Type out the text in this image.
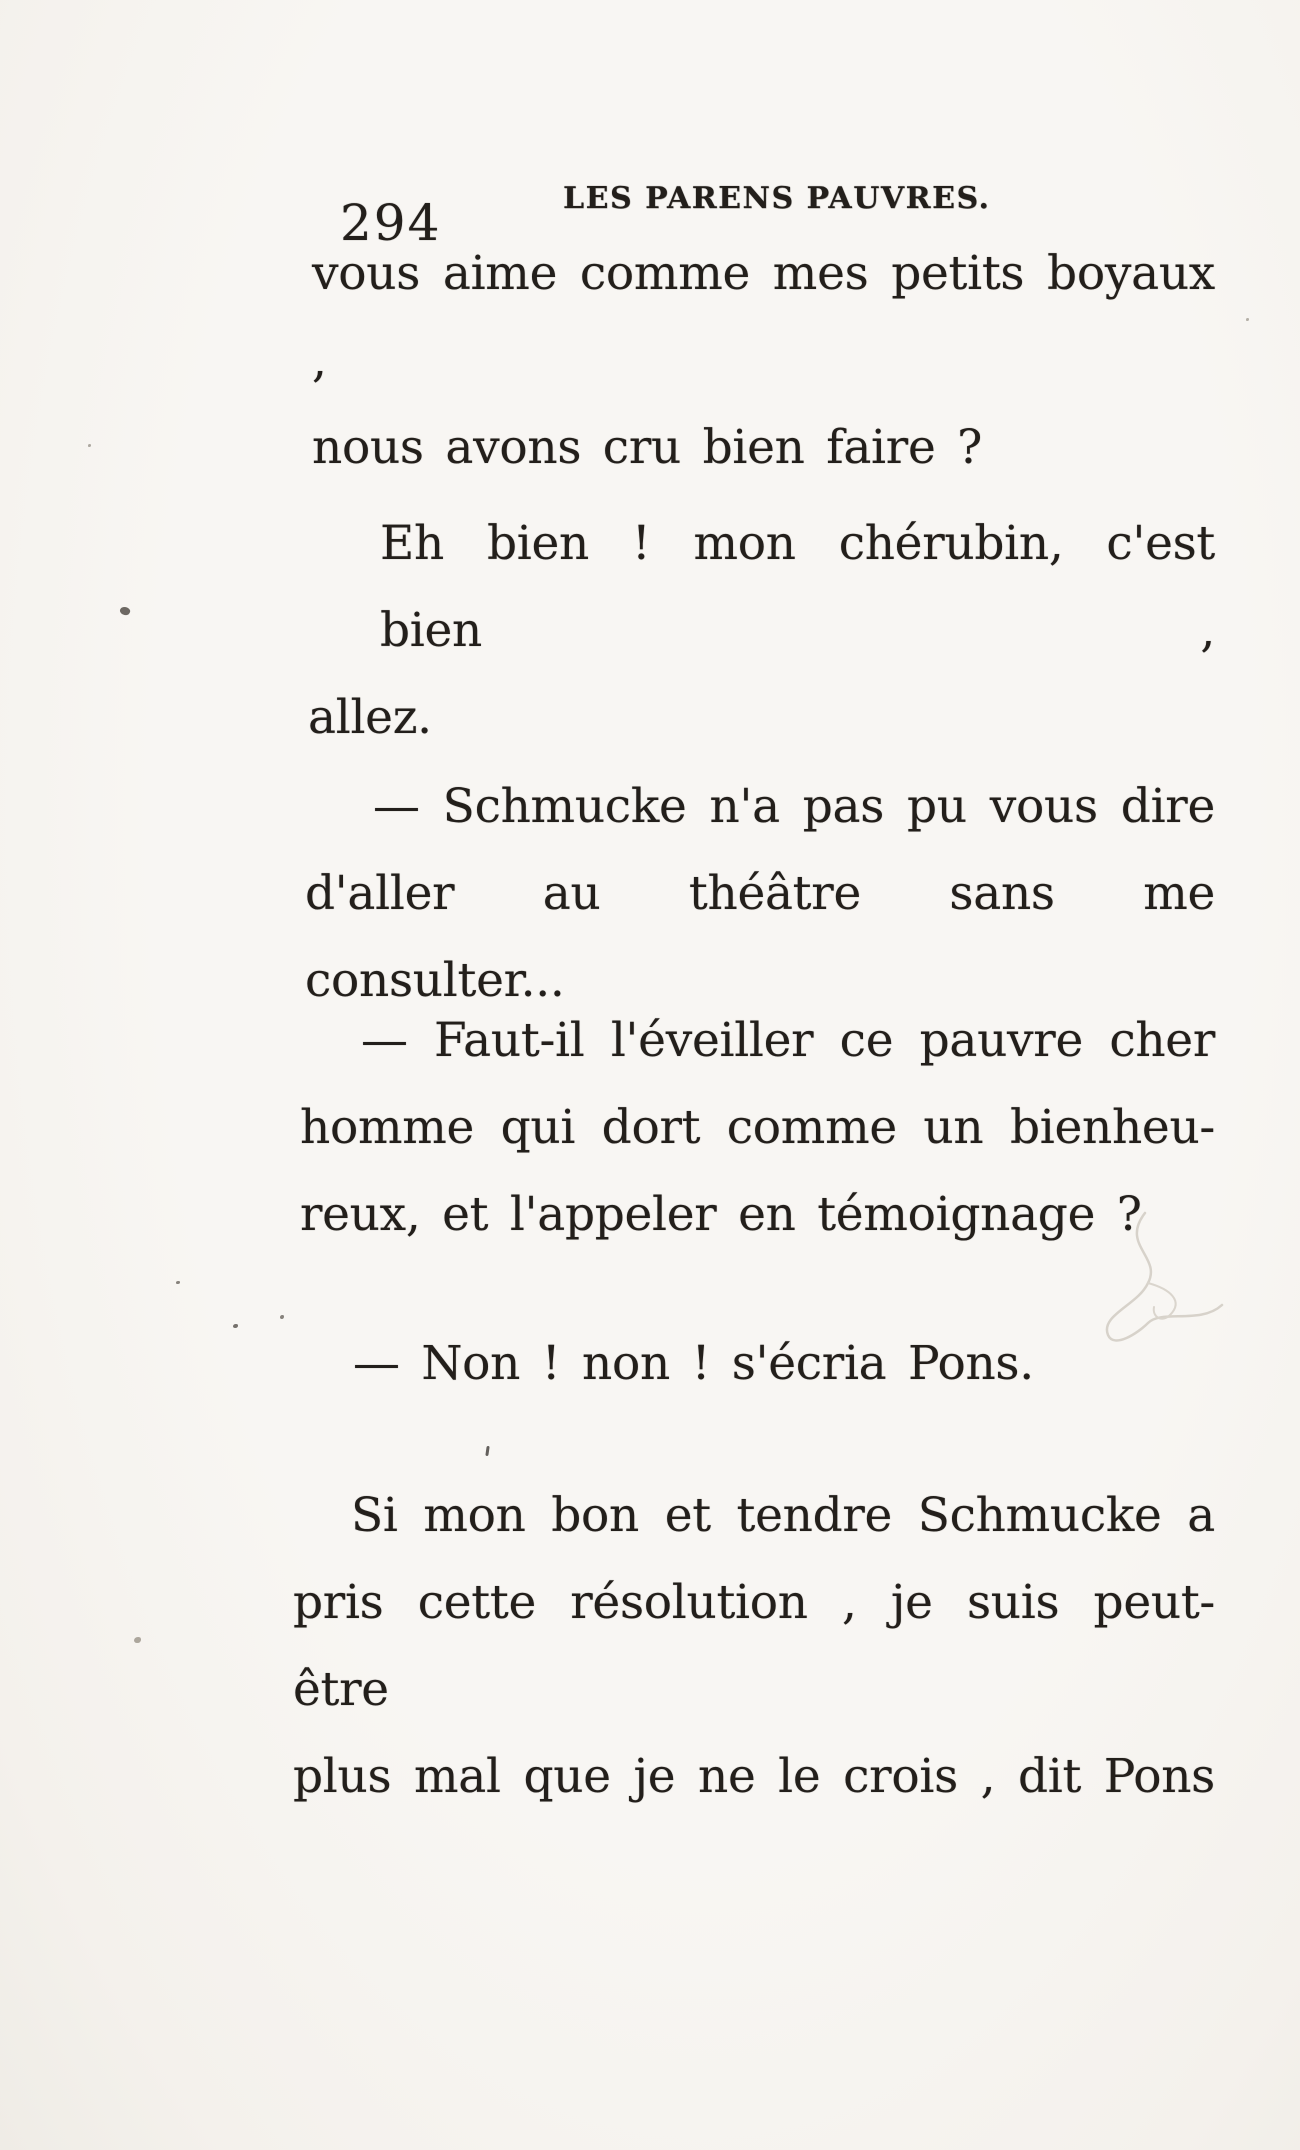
294	LES PARENS PAUVRES.
vous aime comme mes petits boyaux ,
nous avons cru bien faire ?
Eh bien ! mon chérubin, c'est bien ,
allez.
— Schmucke n'a pas pu vous dire
d'aller au théâtre sans me consulter...
— Faut-il l'éveiller ce pauvre cher
homme qui dort comme un bienheu-
reux, et l'appeler en témoignage ?
— Non ! non ! s'écria Pons.
Si mon bon et tendre Schmucke a
pris cette résolution , je suis peut-être
plus mal que je ne le crois , dit Pons
